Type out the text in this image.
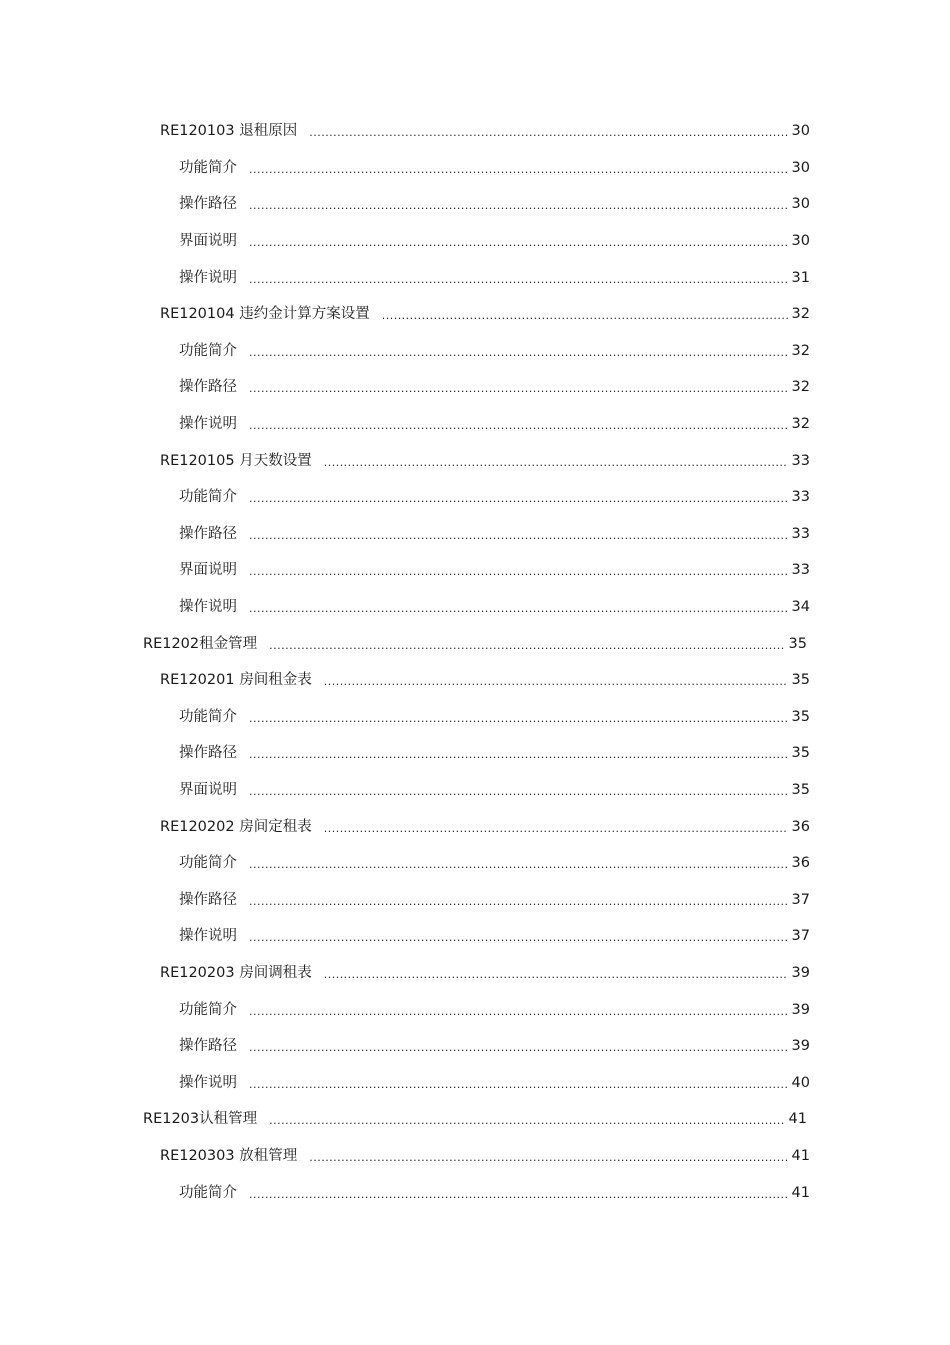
RE120103 退租原因 .....	30
功能简介 .....	30
操作路径 .....	30
界面说明 .....	30
操作说明 .....	31
RE120104 违约金计算方案设置 .....	32
功能简介 .....	32
操作路径 .....	32
操作说明 .....	32
RE120105 月天数设置 .....	33
功能简介 .....	33
操作路径 .....	33
界面说明 .....	33
操作说明 .....	34
RE1202租金管理 .....	35
RE120201 房间租金表 .....	35
功能简介 .....	35
操作路径 .....	35
界面说明 .....	35
RE120202 房间定租表 .....	36
功能简介 .....	36
操作路径 .....	37
操作说明 .....	37
RE120203 房间调租表 .....	39
功能简介 .....	39
操作路径 .....	39
操作说明 .....	40
RE1203认租管理 .....	41
RE120303 放租管理 .....	41
功能简介 .....	41
